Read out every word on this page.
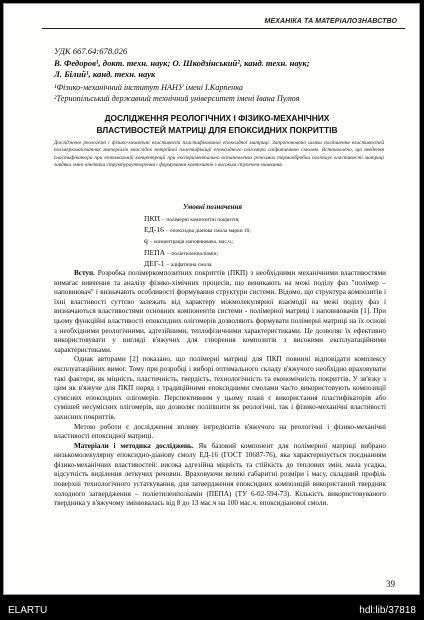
МЕХАНІКА ТА МАТЕРІАЛОЗНАВСТВО
УДК 667.64:678.026
В. Федоров¹, докт. техн. наук; О. Шкодзінський², канд. техн. наук;
Л. Білий¹, канд. техн. наук
¹Фізико-механічний інститут НАНУ імені І.Карпенка
²Тернопільський державний технічний університет імені Івана Пулюя
ДОСЛІДЖЕННЯ РЕОЛОГІЧНИХ І ФІЗИКО-МЕХАНІЧНИХ
ВЛАСТИВОСТЕЙ МАТРИЦІ ДЛЯ ЕПОКСИДНИХ ПОКРИТТІВ
Досліджено реологічні і фізико-механічні властивості пластифікованої епоксидної матриці. Запропоновано шляхи поліпшення властивостей полімеркомпозитних матеріалів внаслідок потрійної пластифікації епоксидного олігомера аліфатичною смолою. Встановлено, що введення пластифікатора при оптимальній концентрації при експериментально встановлених режимах термообробки поліпшує властивості матриці завдяки зміні кінетики структуроутворення і формування композитів з високим ступенем зшивання.
Умовні позначення
ПКП – полімерні композитні покриття;
ЕД-16 – епоксидна діанова смола марки 16;
q – концентрація наповнювача, мас.ч.;
ПЕПА – поліетиленполіамін;
ДЕГ-1 – аліфатична смола.

Вступ. Розробка полімеркомпозитних покриттів (ПКП) з необхідними механічними властивостями вимагає вивчення та аналізу фізико-хімічних процесів, що виникають на межі поділу фаз "полімер – наповнювач" і визначають особливості формування структури системи. Відомо, що структура композитів і їхні властивості суттєво залежать від характеру міжмолекулярної взаємодії на межі поділу фаз і визначаються властивостями основних компонентів системи - полімерної матриці і наповнювачів [1]. При цьому функційні властивості епоксидних олігомерів дозволяють формувати полімерні матриці на їх основі з необхідними реологічними, адгезійними, теплофізичними характеристиками. Це дозволяє їх ефективно використовувати у вигляді в'яжучих для створення композитів з високими експлуатаційними характеристиками.

Однак авторами [2] показано, що полімерні матриці для ПКП повинні відповідати комплексу експлуатаційних вимог. Тому при розробці і виборі оптимального складу в'яжучого необхідно враховувати такі фактори, як міцність, пластичність, твердість, технологічність та економічність покриттів. У зв'язку з цим як в'яжуче для ПКП поряд з традиційними епоксидними смолами часто використовують композиції сумісних епоксидних олігомерів. Перспективним у цьому плані є використання пластифікаторів або сумішей несумісних олігомерів, що дозволяє поліпшити як реологічні, так і фізико-механічні властивості захисних покриттів.

Метою роботи є дослідження впливу інгредієнтів в'яжучого на реологічні і фізико-механічні властивості епоксидної матриці.

Матеріали і методика досліджень. Як базовий компонент для полімерної матриці вибрано низькомолекулярну епоксидно-діанову смолу ЕД-16 (ГОСТ 10687-76), яка характеризується поєднанням фізико-механічних властивостей: висока адгезійна міцність та стійкість до теплових змін, мала усадка, відсутність виділення леткучих речовин. Враховуючи великі габаритні розміри і масу, складний профіль поверхні технологічного устаткування, для затвердження епоксидних композицій використаний твердник холодного затвердження – поліетиленполіамін (ПЕПА) (ТУ 6-02-594-73). Кількість використовуваного твердника у в'яжучому змінювалась від 8 до 13 мас.ч на 100 мас.ч. епоксидіанової смоли.

39
ELARTU	hdl:lib/37818
